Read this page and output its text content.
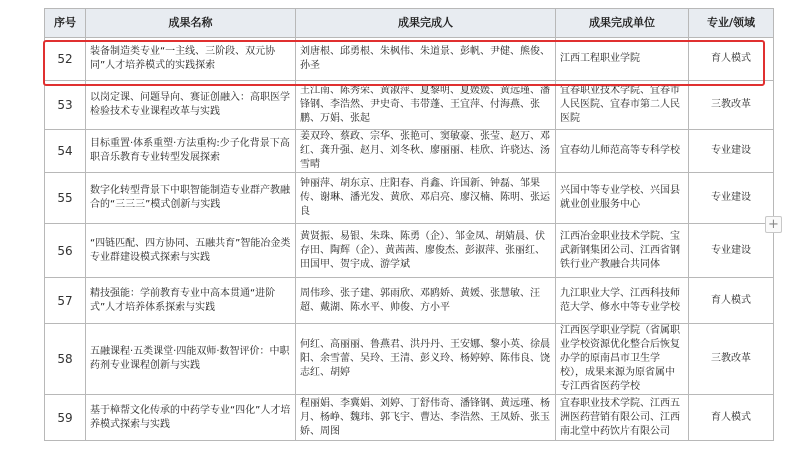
序号	成果名称	成果完成人	成果完成单位	专业/领域
52	装备制造类专业“一主线、三阶段、双元协同”人才培养模式的实践探索	刘唐根、邱勇根、朱枫伟、朱道景、彭帆、尹健、熊俊、孙圣	江西工程职业学院	育人模式
53	以岗定课、问题导向、赛证创融入：高职医学检验技术专业课程改革与实践	王江南、陈秀荣、黄淑萍、夏黎明、夏媛媛、黄远瑾、潘锋钢、李浩然、尹史奇、韦带蓬、王宜萍、付海燕、张鹏、万娟、张起	宜春职业技术学院、宜春市人民医院、宜春市第二人民医院	三教改革
54	目标重置·体系重塑·方法重构:少子化背景下高职音乐教育专业转型发展探索	姜双玲、蔡政、宗华、张艳可、窦敏豪、张莹、赵万、邓红、龚升强、赵月、刘冬秋、廖丽丽、桂欣、许骁达、汤雪晴	宜春幼儿师范高等专科学校	专业建设
55	数字化转型背景下中职智能制造专业群产教融合的“三三三”模式创新与实践	钟丽萍、胡东京、庄阳春、肖鑫、许国新、钟磊、邹果传、谢琳、潘光发、黄欣、邓启亮、廖汉楠、陈明、张运良	兴国中等专业学校、兴国县就业创业服务中心	专业建设
56	“四链匹配、四方协同、五融共育”智能冶金类专业群建设模式探索与实践	黄贤振、易银、朱珠、陈勇（企）、邹金凤、胡婧晨、伏存田、陶辉（企）、黄茜茜、廖俊杰、彭淑萍、张丽红、田国甲、贺宇成、游学斌	江西冶金职业技术学院、宝武新钢集团公司、江西省钢铁行业产教融合共同体	专业建设
57	精技强能：学前教育专业中高本贯通“进阶式”人才培养体系探索与实践	周伟珍、张子建、郭雨欣、邓鸥娇、黄媛、张慧敏、汪超、戴湖、陈水平、帅俊、方小平	九江职业大学、江西科技师范大学、修水中等专业学校	育人模式
58	五融课程·五类课堂·四能双师·数智评价：中职药剂专业课程创新与实践	何红、高丽丽、鲁燕君、洪丹丹、王安娜、黎小英、徐晨阳、余雪蕾、吴玲、王清、彭义玲、杨婷婷、陈伟良、饶志红、胡婷	江西医学职业学院（省属职业学校资源优化整合后恢复办学的原南昌市卫生学校），成果来源为原省属中专江西省医药学校	三教改革
59	基于樟帮文化传承的中药学专业“四化”人才培养模式探索与实践	程丽娟、李冀娟、刘婷、丁舒伟奇、潘锋钢、黄远瑾、杨月、杨峥、魏玮、郭飞宇、曹达、李浩然、王凤娇、张玉娇、周图	宜春职业技术学院、江西五洲医药营销有限公司、江西南北堂中药饮片有限公司	育人模式
+
